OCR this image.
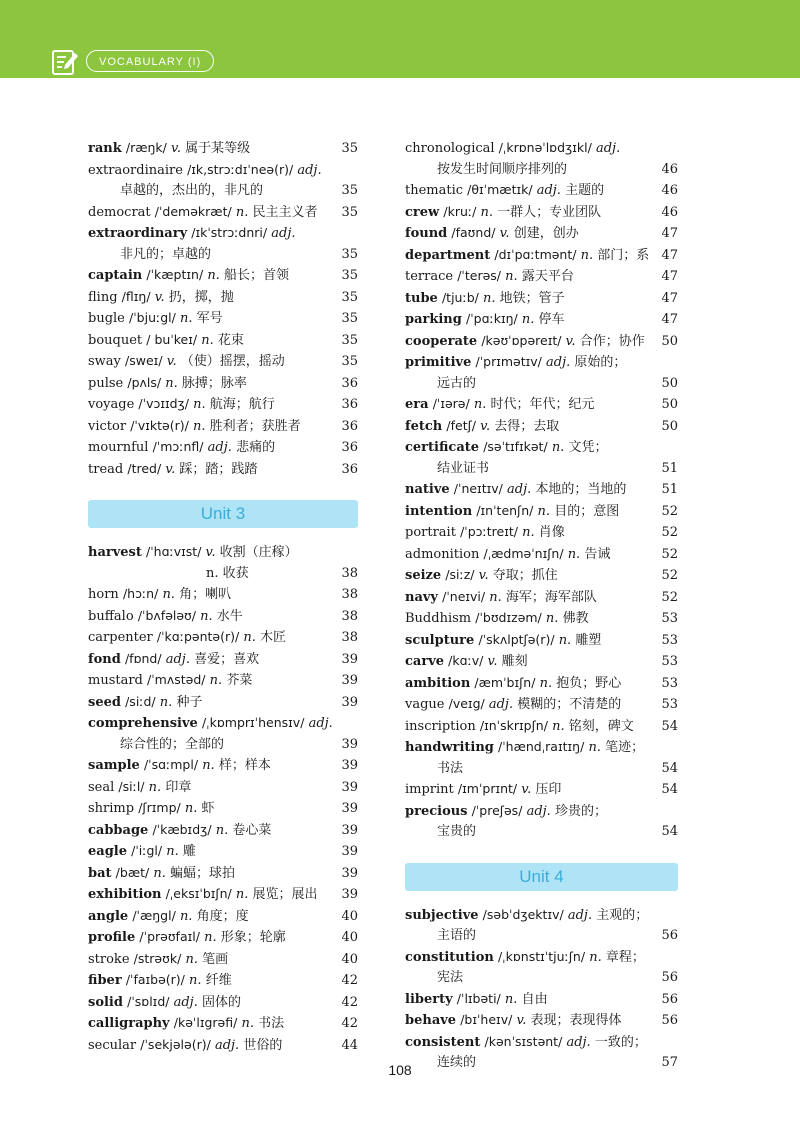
VOCABULARY (I)
rank /ræŋk/ v. 属于某等级	35
extraordinaire /ɪk,strɔːdɪˈneə(r)/ adj.
卓越的，杰出的，非凡的	35
democrat /ˈdeməkræt/ n. 民主主义者 35
extraordinary /ɪkˈstrɔːdnri/ adj.
非凡的；卓越的	35
captain /ˈkæptɪn/ n. 船长；首领	35
fling /flɪŋ/ v. 扔，掷，抛	35
bugle /ˈbjuːgl/ n. 军号	35
bouquet / buˈkeɪ/ n. 花束	35
sway /sweɪ/ v. （使）摇摆，摇动	35
pulse /pʌls/ n. 脉搏；脉率	36
voyage /ˈvɔɪɪdʒ/ n. 航海；航行	36
victor /ˈvɪktə(r)/ n. 胜利者；获胜者	36
mournful /ˈmɔːnfl/ adj. 悲痛的	36
tread /tred/ v. 踩；踏；践踏	36
Unit 3
harvest /ˈhɑːvɪst/ v. 收割（庄稼）
n. 收获	38
horn /hɔːn/ n. 角；喇叭	38
buffalo /ˈbʌfələʊ/ n. 水牛	38
carpenter /ˈkɑːpəntə(r)/ n. 木匠	38
fond /fɒnd/ adj. 喜爱；喜欢	39
mustard /ˈmʌstəd/ n. 芥菜	39
seed /siːd/ n. 种子	39
comprehensive /ˌkɒmprɪˈhensɪv/ adj.
综合性的；全部的	39
sample /ˈsɑːmpl/ n. 样；样本	39
seal /siːl/ n. 印章	39
shrimp /ʃrɪmp/ n. 虾	39
cabbage /ˈkæbɪdʒ/ n. 卷心菜	39
eagle /ˈiːgl/ n. 雕	39
bat /bæt/ n. 蝙蝠；球拍	39
exhibition /ˌeksɪˈbɪʃn/ n. 展览；展出 39
angle /ˈæŋgl/ n. 角度；度	40
profile /ˈprəʊfaɪl/ n. 形象；轮廓	40
stroke /strəʊk/ n. 笔画	40
fiber /ˈfaɪbə(r)/ n. 纤维	42
solid /ˈsɒlɪd/ adj. 固体的	42
calligraphy /kəˈlɪgrəfi/ n. 书法	42
secular /ˈsekjələ(r)/ adj. 世俗的	44
chronological /ˌkrɒnəˈlɒdʒɪkl/ adj.
按发生时间顺序排列的	46
thematic /θɪˈmætɪk/ adj. 主题的	46
crew /kruː/ n. 一群人；专业团队	46
found /faʊnd/ v. 创建，创办	47
department /dɪˈpɑːtmənt/ n. 部门；系 47
terrace /ˈterəs/ n. 露天平台	47
tube /tjuːb/ n. 地铁；管子	47
parking /ˈpɑːkɪŋ/ n. 停车	47
cooperate /kəʊˈɒpəreɪt/ v. 合作；协作 50
primitive /ˈprɪmətɪv/ adj. 原始的；
远古的	50
era /ˈɪərə/ n. 时代；年代；纪元	50
fetch /fetʃ/ v. 去得；去取	50
certificate /səˈtɪfɪkət/ n. 文凭；
结业证书	51
native /ˈneɪtɪv/ adj. 本地的；当地的	51
intention /ɪnˈtenʃn/ n. 目的；意图	52
portrait /ˈpɔːtreɪt/ n. 肖像	52
admonition /ˌædməˈnɪʃn/ n. 告诫	52
seize /siːz/ v. 夺取；抓住	52
navy /ˈneɪvi/ n. 海军；海军部队	52
Buddhism /ˈbʊdɪzəm/ n. 佛教	53
sculpture /ˈskʌlptʃə(r)/ n. 雕塑	53
carve /kɑːv/ v. 雕刻	53
ambition /æmˈbɪʃn/ n. 抱负；野心	53
vague /veɪg/ adj. 模糊的；不清楚的	53
inscription /ɪnˈskrɪpʃn/ n. 铭刻，碑文 54
handwriting /ˈhændˌraɪtɪŋ/ n. 笔迹；
书法	54
imprint /ɪmˈprɪnt/ v. 压印	54
precious /ˈpreʃəs/ adj. 珍贵的；
宝贵的	54
Unit 4
subjective /səbˈdʒektɪv/ adj. 主观的；
主语的	56
constitution /ˌkɒnstɪˈtjuːʃn/ n. 章程；
宪法	56
liberty /ˈlɪbəti/ n. 自由	56
behave /bɪˈheɪv/ v. 表现；表现得体	56
consistent /kənˈsɪstənt/ adj. 一致的；
连续的	57
108
